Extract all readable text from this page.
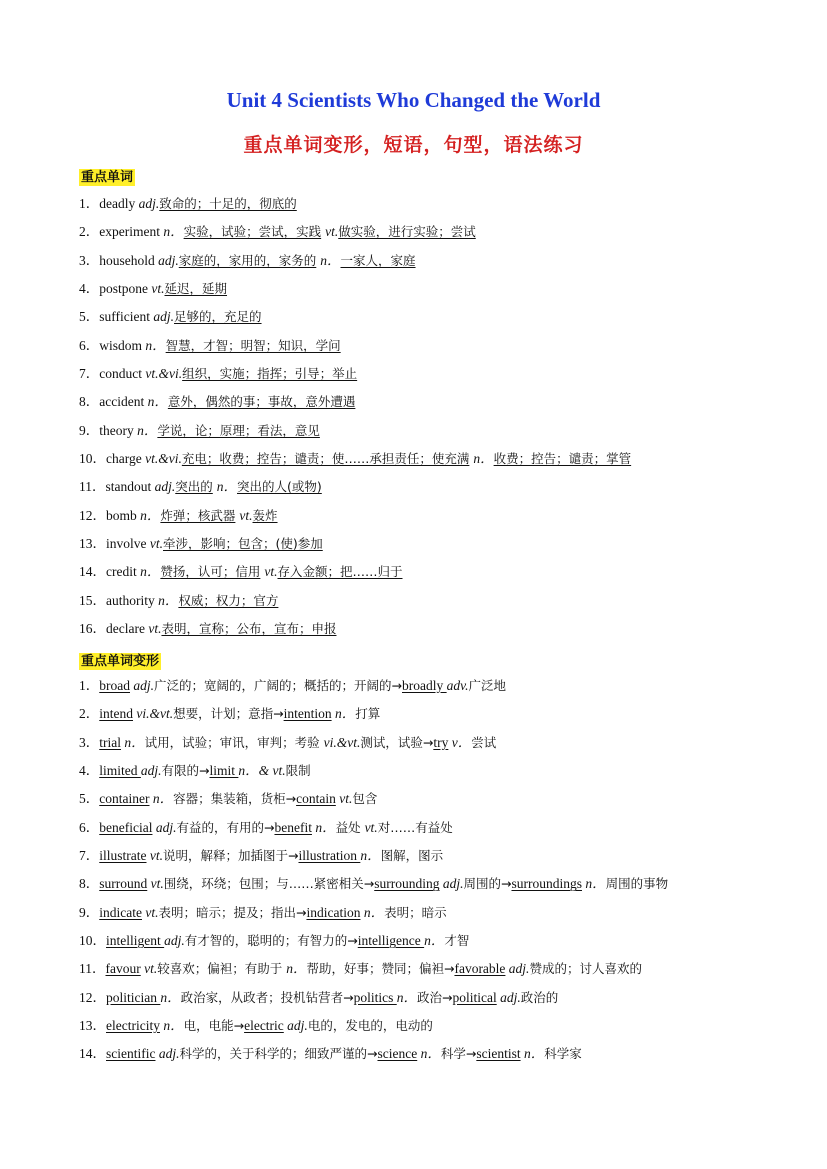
Unit 4 Scientists Who Changed the World
重点单词变形，短语，句型，语法练习
重点单词
1．deadly adj.致命的；十足的，彻底的
2．experiment n．实验，试验；尝试，实践 vt.做实验，进行实验；尝试
3．household adj.家庭的，家用的，家务的 n．一家人，家庭
4．postpone vt.延迟，延期
5．sufficient adj.足够的，充足的
6．wisdom n．智慧，才智；明智；知识，学问
7．conduct vt.&vi.组织，实施；指挥；引导；举止
8．accident n．意外，偶然的事；事故，意外遭遇
9．theory n．学说，论；原理；看法，意见
10．charge vt.&vi.充电；收费；控告；谴责；使……承担责任；使充满 n．收费；控告；谴责；掌管
11．standout adj.突出的 n．突出的人(或物)
12．bomb n．炸弹；核武器 vt.轰炸
13．involve vt.牵涉，影响；包含；(使)参加
14．credit n．赞扬，认可；信用 vt.存入金额；把……归于
15．authority n．权威；权力；官方
16．declare vt.表明，宣称；公布，宣布；申报
重点单词变形
1．broad adj.广泛的；宽阔的，广阔的；概括的；开阔的→broadly adv.广泛地
2．intend vi.&vt.想要，计划；意指→intention n．打算
3．trial n．试用，试验；审讯，审判；考验 vi.&vt.测试，试验→try v．尝试
4．limited adj.有限的→limit n．& vt.限制
5．container n．容器；集装箱，货柜→contain vt.包含
6．beneficial adj.有益的，有用的→benefit n．益处 vt.对……有益处
7．illustrate vt.说明，解释；加插图于→illustration n．图解，图示
8．surround vt.围绕，环绕；包围；与……紧密相关→surrounding adj.周围的→surroundings n．周围的事物
9．indicate vt.表明；暗示；提及；指出→indication n．表明；暗示
10．intelligent adj.有才智的，聪明的；有智力的→intelligence n．才智
11．favour vt.较喜欢；偏袒；有助于 n．帮助，好事；赞同；偏袒→favorable adj.赞成的；讨人喜欢的
12．politician n．政治家，从政者；投机钻营者→politics n．政治→political adj.政治的
13．electricity n．电，电能→electric adj.电的，发电的，电动的
14．scientific adj.科学的，关于科学的；细致严谨的→science n．科学→scientist n．科学家
